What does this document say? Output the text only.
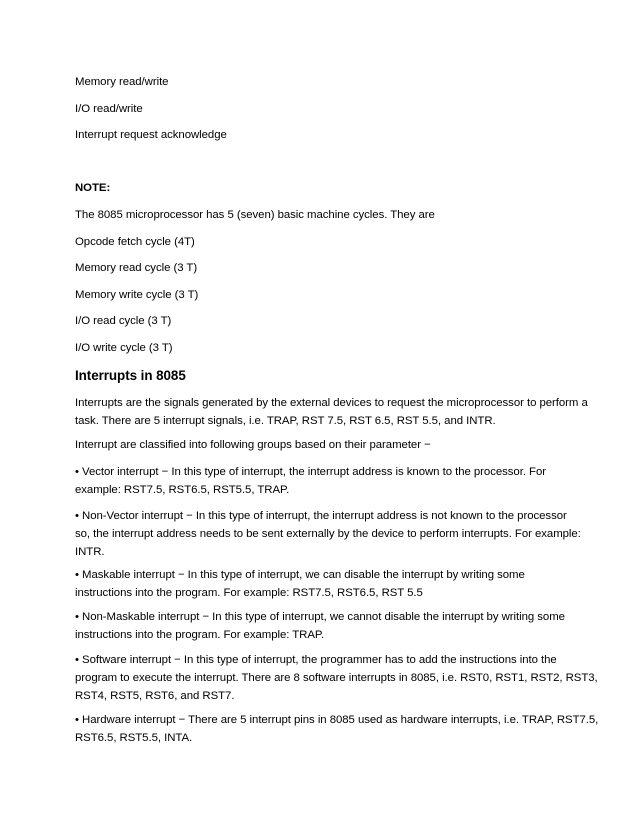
Memory read/write
I/O read/write
Interrupt request acknowledge
NOTE:
The 8085 microprocessor has 5 (seven) basic machine cycles. They are
Opcode fetch cycle (4T)
Memory read cycle (3 T)
Memory write cycle (3 T)
I/O read cycle (3 T)
I/O write cycle (3 T)
Interrupts in 8085
Interrupts are the signals generated by the external devices to request the microprocessor to perform a
task. There are 5 interrupt signals, i.e. TRAP, RST 7.5, RST 6.5, RST 5.5, and INTR.
Interrupt are classified into following groups based on their parameter −
• Vector interrupt − In this type of interrupt, the interrupt address is known to the processor. For
example: RST7.5, RST6.5, RST5.5, TRAP.
• Non-Vector interrupt − In this type of interrupt, the interrupt address is not known to the processor
so, the interrupt address needs to be sent externally by the device to perform interrupts. For example:
INTR.
• Maskable interrupt − In this type of interrupt, we can disable the interrupt by writing some
instructions into the program. For example: RST7.5, RST6.5, RST 5.5
• Non-Maskable interrupt − In this type of interrupt, we cannot disable the interrupt by writing some
instructions into the program. For example: TRAP.
• Software interrupt − In this type of interrupt, the programmer has to add the instructions into the
program to execute the interrupt. There are 8 software interrupts in 8085, i.e. RST0, RST1, RST2, RST3,
RST4, RST5, RST6, and RST7.
• Hardware interrupt − There are 5 interrupt pins in 8085 used as hardware interrupts, i.e. TRAP, RST7.5,
RST6.5, RST5.5, INTA.
